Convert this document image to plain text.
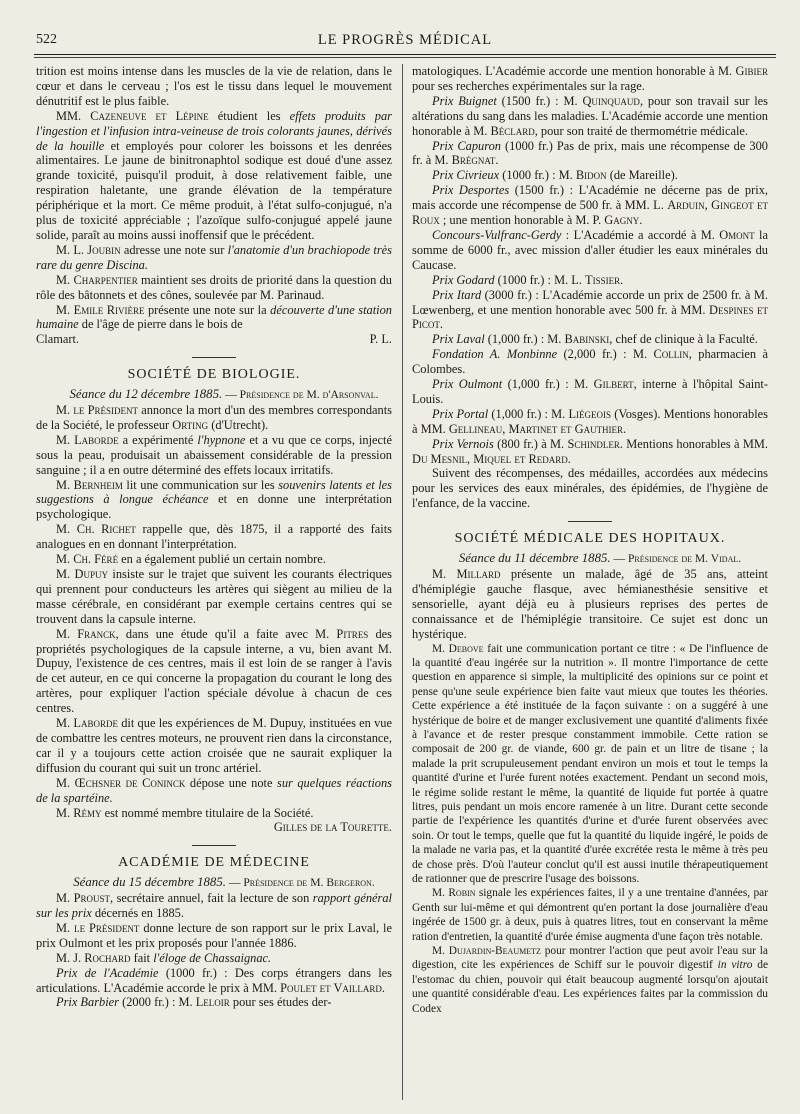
522	LE PROGRÈS MÉDICAL

trition est moins intense dans les muscles de la vie de relation, dans le cœur et dans le cerveau ; l'os est le tissu dans lequel le mouvement dénutritif est le plus faible.

MM. Cazeneuve et Lépine étudient les effets produits par l'ingestion et l'infusion intra-veineuse de trois colorants jaunes, dérivés de la houille et employés pour colorer les boissons et les denrées alimentaires. Le jaune de binitronaphtol sodique est doué d'une assez grande toxicité, puisqu'il produit, à dose relativement faible, une respiration haletante, une grande élévation de la température périphérique et la mort. Ce même produit, à l'état sulfo-conjugué, n'a plus de toxicité appréciable ; l'azoïque sulfo-conjugué appelé jaune solide, paraît au moins aussi inoffensif que le précédent.

M. L. Joubin adresse une note sur l'anatomie d'un brachiopode très rare du genre Discina.

M. Charpentier maintient ses droits de priorité dans la question du rôle des bâtonnets et des cônes, soulevée par M. Parinaud.

M. Emile Rivière présente une note sur la découverte d'une station humaine de l'âge de pierre dans le bois de

Clamart.	P. L.
SOCIÉTÉ DE BIOLOGIE.

Séance du 12 décembre 1885. — Présidence de M. d'Arsonval.

M. le Président annonce la mort d'un des membres correspondants de la Société, le professeur Orting (d'Utrecht).

M. Laborde a expérimenté l'hypnone et a vu que ce corps, injecté sous la peau, produisait un abaissement considérable de la pression sanguine ; il a en outre déterminé des effets locaux irritatifs.

M. Bernheim lit une communication sur les souvenirs latents et les suggestions à longue échéance et en donne une interprétation psychologique.

M. Ch. Richet rappelle que, dès 1875, il a rapporté des faits analogues en en donnant l'interprétation.

M. Ch. Féré en a également publié un certain nombre.

M. Dupuy insiste sur le trajet que suivent les courants électriques qui prennent pour conducteurs les artères qui siègent au milieu de la masse cérébrale, en considérant par exemple certains centres qui se trouvent dans la capsule interne.

M. Franck, dans une étude qu'il a faite avec M. Pitres des propriétés psychologiques de la capsule interne, a vu, bien avant M. Dupuy, l'existence de ces centres, mais il est loin de se ranger à l'avis de cet auteur, en ce qui concerne la propagation du courant le long des artères, pour expliquer l'action spéciale dévolue à chacun de ces centres.

M. Laborde dit que les expériences de M. Dupuy, instituées en vue de combattre les centres moteurs, ne prouvent rien dans la circonstance, car il y a toujours cette action croisée que ne saurait expliquer la diffusion du courant qui suit un tronc artériel.

M. Œchsner de Coninck dépose une note sur quelques réactions de la spartéine.

M. Rémy est nommé membre titulaire de la Société.

Gilles de la Tourette.

ACADÉMIE DE MÉDECINE

Séance du 15 décembre 1885. — Présidence de M. Bergeron.

M. Proust, secrétaire annuel, fait la lecture de son rapport général sur les prix décernés en 1885.

M. le Président donne lecture de son rapport sur le prix Laval, le prix Oulmont et les prix proposés pour l'année 1886.

M. J. Rochard fait l'éloge de Chassaignac.

Prix de l'Académie (1000 fr.) : Des corps étrangers dans les articulations. L'Académie accorde le prix à MM. Poulet et Vaillard.

Prix Barbier (2000 fr.) : M. Leloir pour ses études der-

matologiques. L'Académie accorde une mention honorable à M. Gibier pour ses recherches expérimentales sur la rage.

Prix Buignet (1500 fr.) : M. Quinquaud, pour son travail sur les altérations du sang dans les maladies. L'Académie accorde une mention honorable à M. Béclard, pour son traité de thermométrie médicale.

Prix Capuron (1000 fr.) Pas de prix, mais une récompense de 300 fr. à M. Brégnat.

Prix Civrieux (1000 fr.) : M. Bidon (de Mareille).

Prix Desportes (1500 fr.) : L'Académie ne décerne pas de prix, mais accorde une récompense de 500 fr. à MM. L. Arduin, Gingeot et Roux ; une mention honorable à M. P. Gagny.

Concours-Vulfranc-Gerdy : L'Académie a accordé à M. Omont la somme de 6000 fr., avec mission d'aller étudier les eaux minérales du Caucase.

Prix Godard (1000 fr.) : M. L. Tissier.

Prix Itard (3000 fr.) : L'Académie accorde un prix de 2500 fr. à M. Lœwenberg, et une mention honorable avec 500 fr. à MM. Despines et Picot.

Prix Laval (1,000 fr.) : M. Babinski, chef de clinique à la Faculté.

Fondation A. Monbinne (2,000 fr.) : M. Collin, pharmacien à Colombes.

Prix Oulmont (1,000 fr.) : M. Gilbert, interne à l'hôpital Saint-Louis.

Prix Portal (1,000 fr.) : M. Liégeois (Vosges). Mentions honorables à MM. Gellineau, Martinet et Gauthier.

Prix Vernois (800 fr.) à M. Schindler. Mentions honorables à MM. Du Mesnil, Miquel et Redard.

Suivent des récompenses, des médailles, accordées aux médecins pour les services des eaux minérales, des épidémies, de l'hygiène de l'enfance, de la vaccine.

SOCIÉTÉ MÉDICALE DES HOPITAUX.

Séance du 11 décembre 1885. — Présidence de M. Vidal.

M. Millard présente un malade, âgé de 35 ans, atteint d'hémiplégie gauche flasque, avec hémianesthésie sensitive et sensorielle, ayant déjà eu à plusieurs reprises des pertes de connaissance et de l'hémiplégie transitoire. Ce sujet est donc un hystérique.

M. Debove fait une communication portant ce titre : « De l'influence de la quantité d'eau ingérée sur la nutrition ». Il montre l'importance de cette question en apparence si simple, la multiplicité des opinions sur ce point et pense qu'une seule expérience bien faite vaut mieux que toutes les théories. Cette expérience a été instituée de la façon suivante : on a suggéré à une hystérique de boire et de manger exclusivement une quantité d'aliments fixée à l'avance et de rester presque constamment immobile. Cette ration se composait de 200 gr. de viande, 600 gr. de pain et un litre de tisane ; la malade la prit scrupuleusement pendant environ un mois et tout le temps la quantité d'urine et l'urée furent notées exactement. Pendant un second mois, le régime solide restant le même, la quantité de liquide fut portée à quatre litres, puis pendant un mois encore ramenée à un litre. Durant cette seconde partie de l'expérience les quantités d'urine et d'urée furent observées avec soin. Or tout le temps, quelle que fut la quantité du liquide ingéré, le poids de la malade ne varia pas, et la quantité d'urée excrétée resta le même à très peu de chose près. D'où l'auteur conclut qu'il est aussi inutile thérapeutiquement de rationner que de prescrire l'usage des boissons.

M. Robin signale les expériences faites, il y a une trentaine d'années, par Genth sur lui-même et qui démontrent qu'en portant la dose journalière d'eau ingérée de 1500 gr. à deux, puis à quatres litres, tout en conservant la même ration d'entretien, la quantité d'urée émise augmenta d'une façon très notable.

M. Dujardin-Beaumetz pour montrer l'action que peut avoir l'eau sur la digestion, cite les expériences de Schiff sur le pouvoir digestif in vitro de l'estomac du chien, pouvoir qui était beaucoup augmenté lorsqu'on ajoutait une quantité considérable d'eau. Les expériences faites par la commission du Codex
